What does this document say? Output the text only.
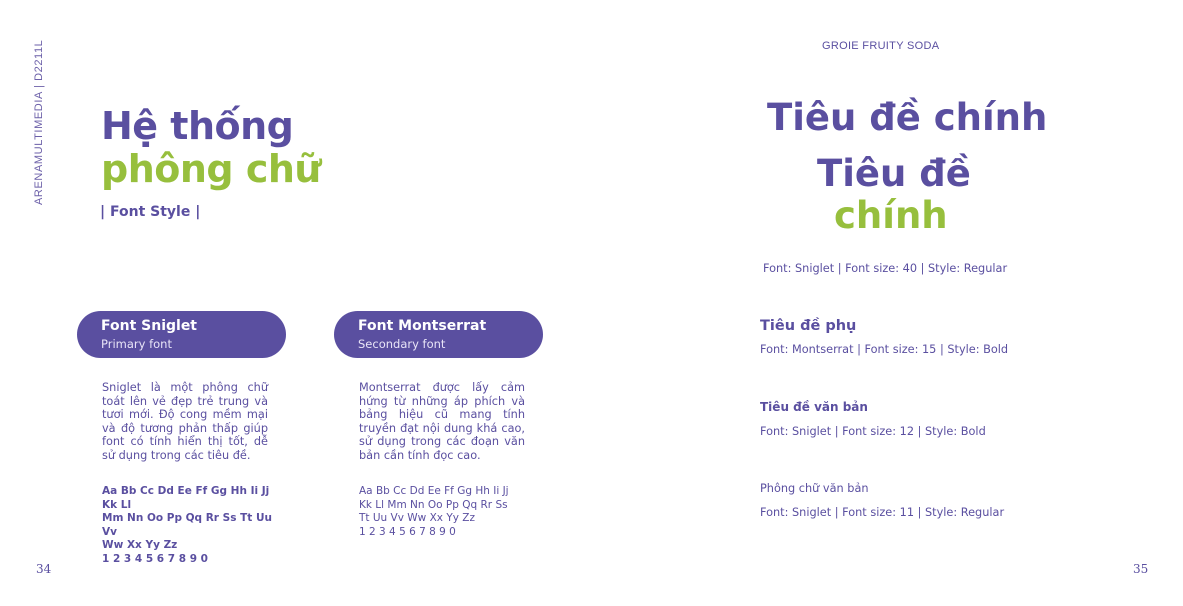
ARENAMULTIMEDIA | D2211L Hệ thống
phông chữ
| Font Style |
Font Sniglet
Primary font
Font Montserrat
Secondary font
Sniglet là một phông chữ toát lên vẻ đẹp trẻ trung và tươi mới. Độ cong mềm mại và độ tương phản thấp giúp font có tính hiển thị tốt, dễ sử dụng trong các tiêu đề.
Montserrat được lấy cảm hứng từ những áp phích và bảng hiệu cũ mang tính truyền đạt nội dung khá cao, sử dụng trong các đoạn văn bản cần tính đọc cao.
Aa Bb Cc Dd Ee Ff Gg Hh Ii Jj Kk Ll
Mm Nn Oo Pp Qq Rr Ss Tt Uu Vv
Ww Xx Yy Zz
1 2 3 4 5 6 7 8 9 0
Aa Bb Cc Dd Ee Ff Gg Hh Ii Jj
Kk Ll Mm Nn Oo Pp Qq Rr Ss
Tt Uu Vv Ww Xx Yy Zz
1 2 3 4 5 6 7 8 9 0
34
GROIE FRUITY SODA
Tiêu đề chính
Tiêu đề
chính
Font: Sniglet | Font size: 40 | Style: Regular
Tiêu đề phụ
Font: Montserrat | Font size: 15 | Style: Bold
Tiêu đề văn bản
Font: Sniglet | Font size: 12 | Style: Bold
Phông chữ văn bản
Font: Sniglet | Font size: 11 | Style: Regular
35
